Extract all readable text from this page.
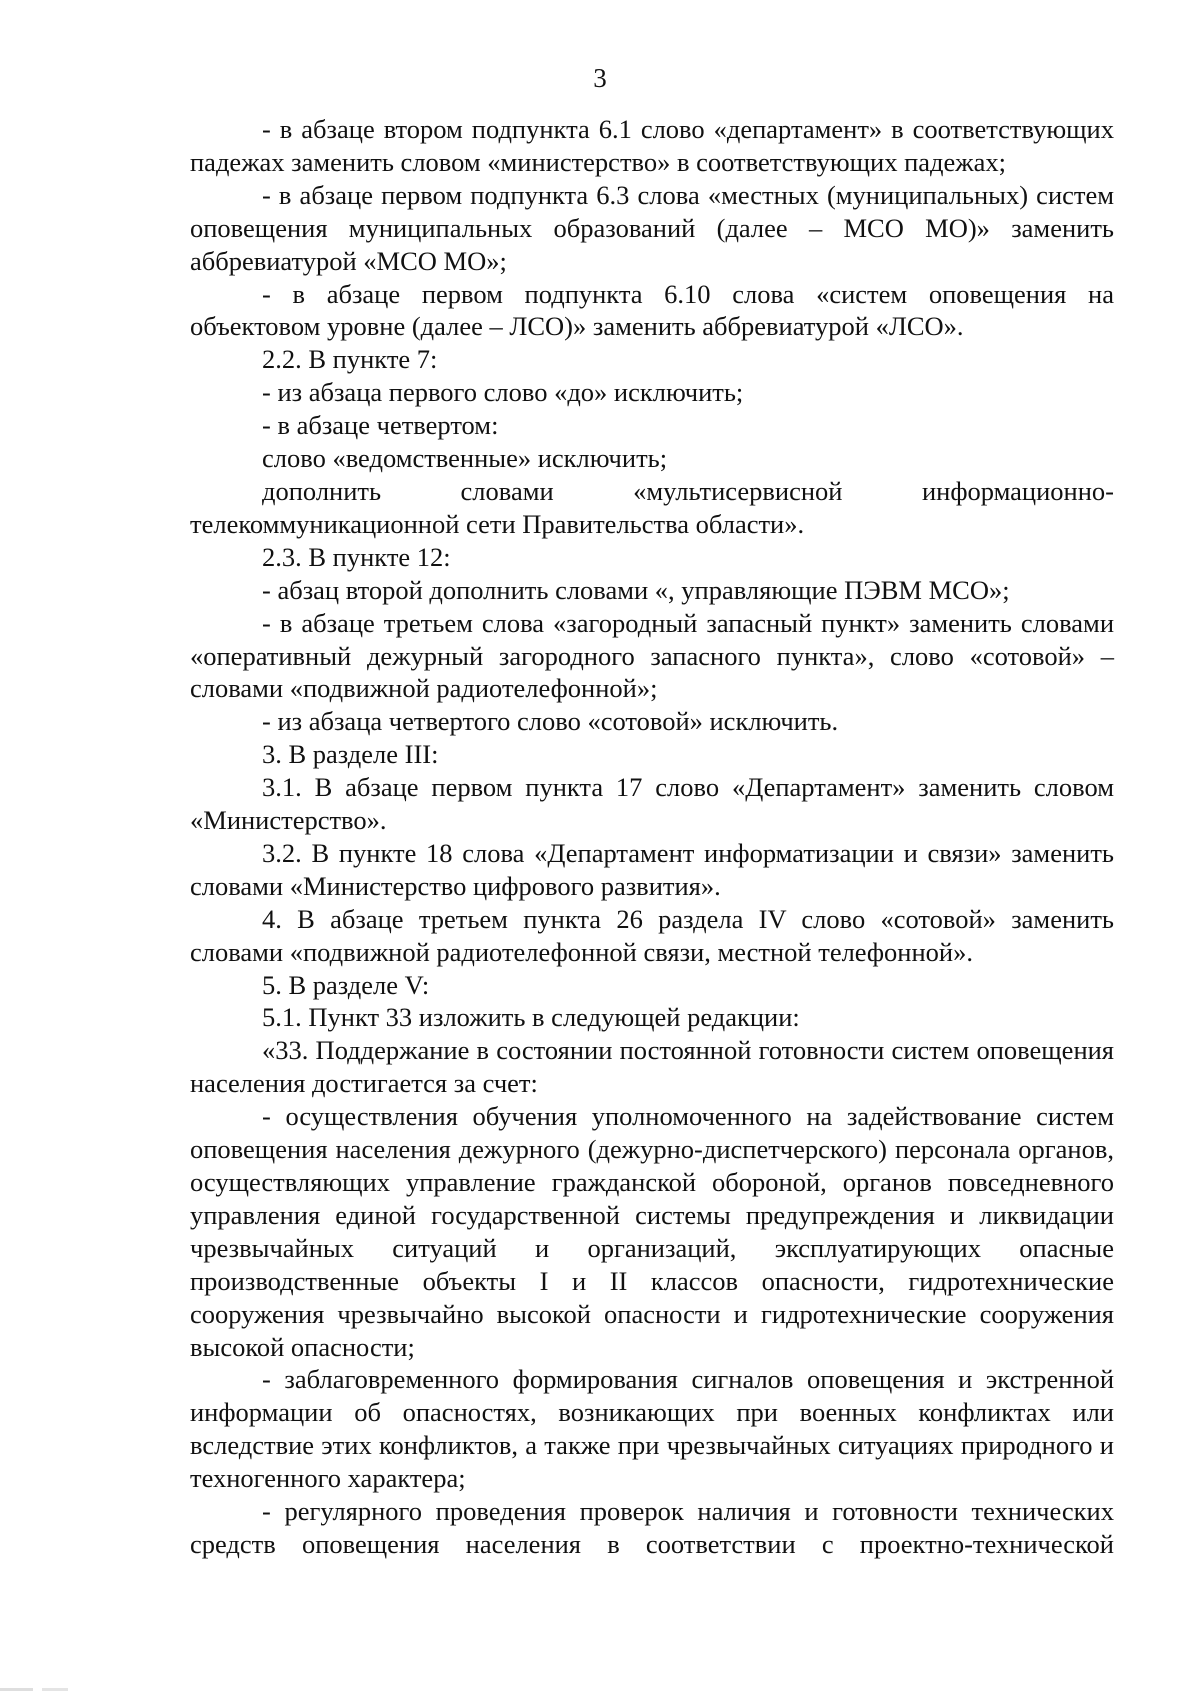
3

- в абзаце втором подпункта 6.1 слово «департамент» в соответствующих падежах заменить словом «министерство» в соответствующих падежах;

- в абзаце первом подпункта 6.3 слова «местных (муниципальных) систем оповещения муниципальных образований (далее – МСО МО)» заменить аббревиатурой «МСО МО»;

- в абзаце первом подпункта 6.10 слова «систем оповещения на объектовом уровне (далее – ЛСО)» заменить аббревиатурой «ЛСО».

2.2. В пункте 7:

- из абзаца первого слово «до» исключить;

- в абзаце четвертом:

слово «ведомственные» исключить;

дополнить словами «мультисервисной информационно-телекоммуникационной сети Правительства области».

2.3. В пункте 12:

- абзац второй дополнить словами «, управляющие ПЭВМ МСО»;

- в абзаце третьем слова «загородный запасный пункт» заменить словами «оперативный дежурный загородного запасного пункта», слово «сотовой» – словами «подвижной радиотелефонной»;

- из абзаца четвертого слово «сотовой» исключить.

3. В разделе III:

3.1. В абзаце первом пункта 17 слово «Департамент» заменить словом «Министерство».

3.2. В пункте 18 слова «Департамент информатизации и связи» заменить словами «Министерство цифрового развития».

4. В абзаце третьем пункта 26 раздела IV слово «сотовой» заменить словами «подвижной радиотелефонной связи, местной телефонной».

5. В разделе V:

5.1. Пункт 33 изложить в следующей редакции:

«33. Поддержание в состоянии постоянной готовности систем оповещения населения достигается за счет:

- осуществления обучения уполномоченного на задействование систем оповещения населения дежурного (дежурно-диспетчерского) персонала органов, осуществляющих управление гражданской обороной, органов повседневного управления единой государственной системы предупреждения и ликвидации чрезвычайных ситуаций и организаций, эксплуатирующих опасные производственные объекты I и II классов опасности, гидротехнические сооружения чрезвычайно высокой опасности и гидротехнические сооружения высокой опасности;

- заблаговременного формирования сигналов оповещения и экстренной информации об опасностях, возникающих при военных конфликтах или вследствие этих конфликтов, а также при чрезвычайных ситуациях природного и техногенного характера;

- регулярного проведения проверок наличия и готовности технических средств оповещения населения в соответствии с проектно-технической
